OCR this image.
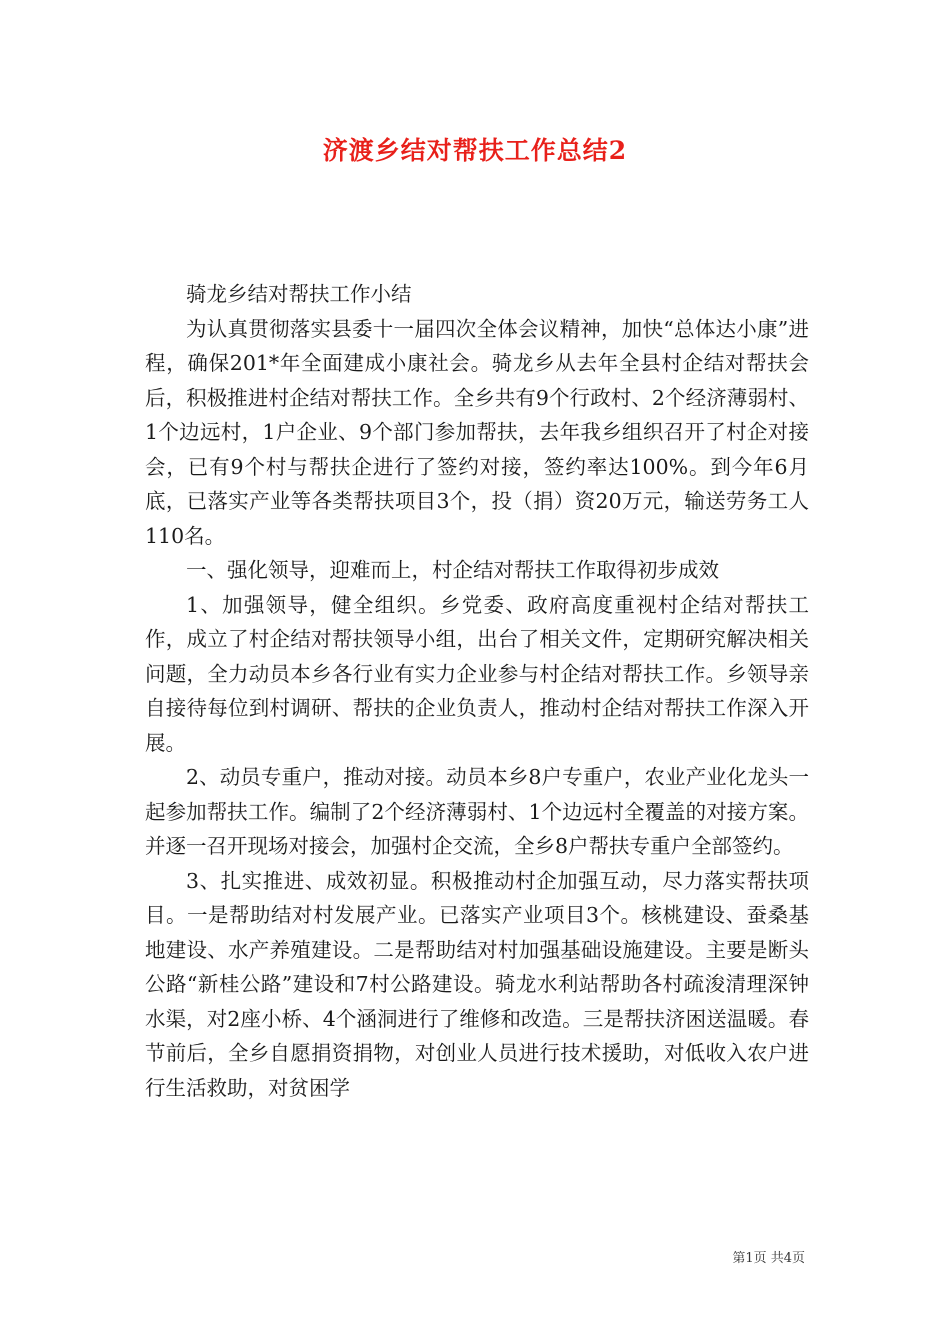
济渡乡结对帮扶工作总结2

骑龙乡结对帮扶工作小结

为认真贯彻落实县委十一届四次全体会议精神，加快“总体达小康”进程，确保201*年全面建成小康社会。骑龙乡从去年全县村企结对帮扶会后，积极推进村企结对帮扶工作。全乡共有9个行政村、2个经济薄弱村、1个边远村，1户企业、9个部门参加帮扶，去年我乡组织召开了村企对接会，已有9个村与帮扶企进行了签约对接，签约率达100%。到今年6月底，已落实产业等各类帮扶项目3个，投（捐）资20万元，输送劳务工人110名。

一、强化领导，迎难而上，村企结对帮扶工作取得初步成效

1、加强领导，健全组织。乡党委、政府高度重视村企结对帮扶工作，成立了村企结对帮扶领导小组，出台了相关文件，定期研究解决相关问题，全力动员本乡各行业有实力企业参与村企结对帮扶工作。乡领导亲自接待每位到村调研、帮扶的企业负责人，推动村企结对帮扶工作深入开展。

2、动员专重户，推动对接。动员本乡8户专重户，农业产业化龙头一起参加帮扶工作。编制了2个经济薄弱村、1个边远村全覆盖的对接方案。并逐一召开现场对接会，加强村企交流，全乡8户帮扶专重户全部签约。

3、扎实推进、成效初显。积极推动村企加强互动，尽力落实帮扶项目。一是帮助结对村发展产业。已落实产业项目3个。核桃建设、蚕桑基地建设、水产养殖建设。二是帮助结对村加强基础设施建设。主要是断头公路“新桂公路”建设和7村公路建设。骑龙水利站帮助各村疏浚清理深钟水渠，对2座小桥、4个涵洞进行了维修和改造。三是帮扶济困送温暖。春节前后，全乡自愿捐资捐物，对创业人员进行技术援助，对低收入农户进行生活救助，对贫困学

第1页 共4页
